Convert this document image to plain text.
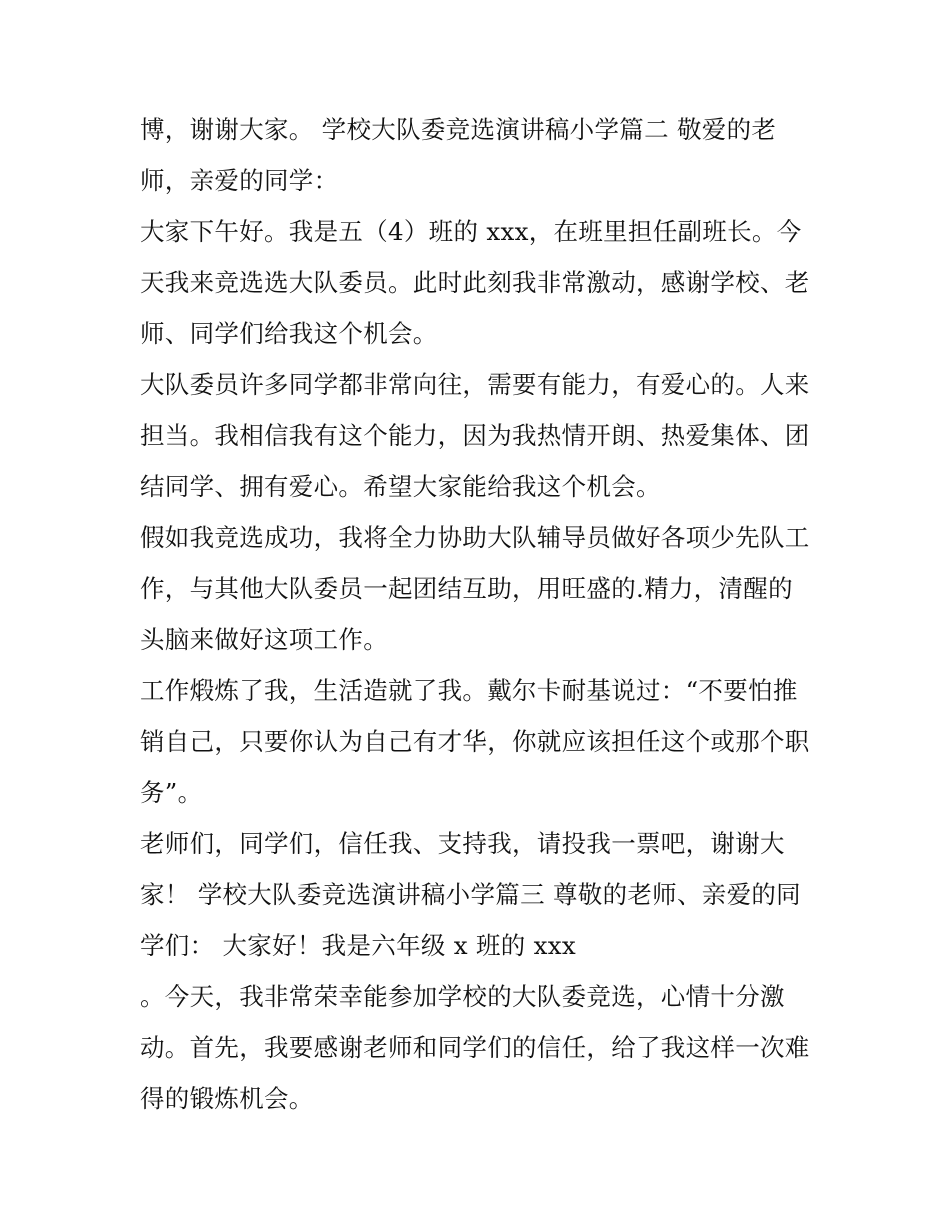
博，谢谢大家。 学校大队委竞选演讲稿小学篇二 敬爱的老
师，亲爱的同学：
大家下午好。我是五（4）班的 xxx，在班里担任副班长。今
天我来竞选选大队委员。此时此刻我非常激动，感谢学校、老
师、同学们给我这个机会。
大队委员许多同学都非常向往，需要有能力，有爱心的。人来
担当。我相信我有这个能力，因为我热情开朗、热爱集体、团
结同学、拥有爱心。希望大家能给我这个机会。
假如我竞选成功，我将全力协助大队辅导员做好各项少先队工
作，与其他大队委员一起团结互助，用旺盛的.精力，清醒的
头脑来做好这项工作。
工作煅炼了我，生活造就了我。戴尔卡耐基说过：“不要怕推
销自己，只要你认为自己有才华，你就应该担任这个或那个职
务”。
老师们，同学们，信任我、支持我，请投我一票吧，谢谢大
家！ 学校大队委竞选演讲稿小学篇三 尊敬的老师、亲爱的同
学们： 大家好！我是六年级 x 班的 xxx
。今天，我非常荣幸能参加学校的大队委竞选，心情十分激
动。首先，我要感谢老师和同学们的信任，给了我这样一次难
得的锻炼机会。
